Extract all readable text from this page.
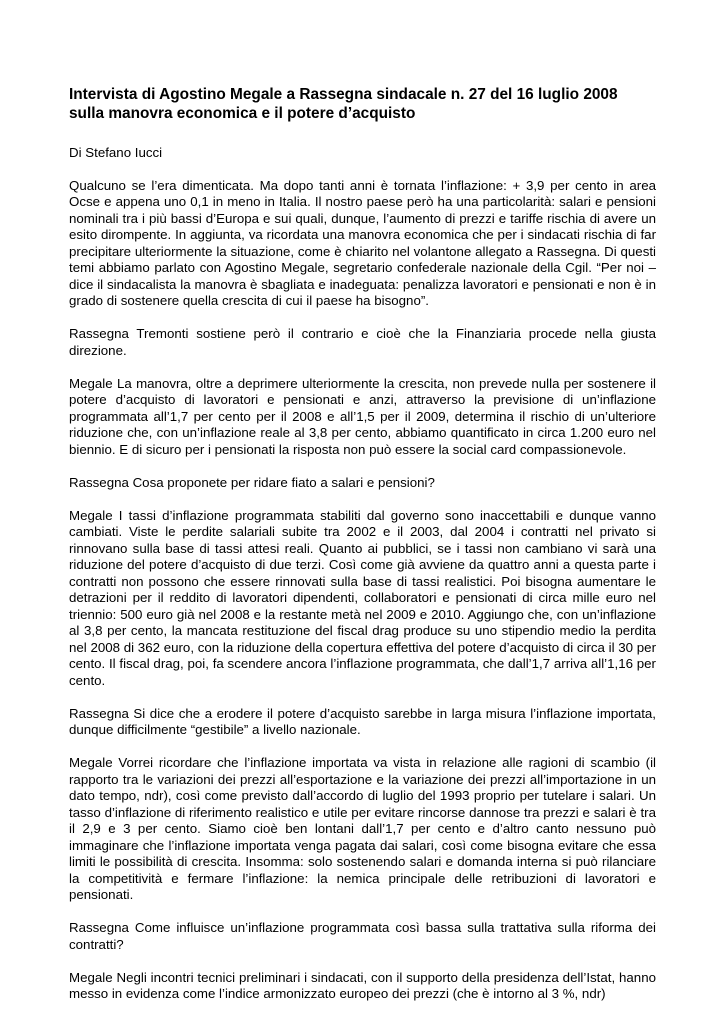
Intervista di Agostino Megale a Rassegna sindacale n. 27 del 16 luglio 2008 sulla manovra economica e il potere d’acquisto

Di Stefano Iucci

Qualcuno se l’era dimenticata. Ma dopo tanti anni è tornata l’inflazione: + 3,9 per cento in area Ocse e appena uno 0,1 in meno in Italia. Il nostro paese però ha una particolarità: salari e pensioni nominali tra i più bassi d’Europa e sui quali, dunque, l’aumento di prezzi e tariffe rischia di avere un esito dirompente. In aggiunta, va ricordata una manovra economica che per i sindacati rischia di far precipitare ulteriormente la situazione, come è chiarito nel volantone allegato a Rassegna. Di questi temi abbiamo parlato con Agostino Megale, segretario confederale nazionale della Cgil. “Per noi – dice il sindacalista la manovra è sbagliata e inadeguata: penalizza lavoratori e pensionati e non è in grado di sostenere quella crescita di cui il paese ha bisogno”.

Rassegna Tremonti sostiene però il contrario e cioè che la Finanziaria procede nella giusta direzione.

Megale La manovra, oltre a deprimere ulteriormente la crescita, non prevede nulla per sostenere il potere d’acquisto di lavoratori e pensionati e anzi, attraverso la previsione di un’inflazione programmata all’1,7 per cento per il 2008 e all’1,5 per il 2009, determina il rischio di un’ulteriore riduzione che, con un’inflazione reale al 3,8 per cento, abbiamo quantificato in circa 1.200 euro nel biennio. E di sicuro per i pensionati la risposta non può essere la social card compassionevole.

Rassegna Cosa proponete per ridare fiato a salari e pensioni?

Megale I tassi d’inflazione programmata stabiliti dal governo sono inaccettabili e dunque vanno cambiati. Viste le perdite salariali subite tra 2002 e il 2003, dal 2004 i contratti nel privato si rinnovano sulla base di tassi attesi reali. Quanto ai pubblici, se i tassi non cambiano vi sarà una riduzione del potere d’acquisto di due terzi. Così come già avviene da quattro anni a questa parte i contratti non possono che essere rinnovati sulla base di tassi realistici. Poi bisogna aumentare le detrazioni per il reddito di lavoratori dipendenti, collaboratori e pensionati di circa mille euro nel triennio: 500 euro già nel 2008 e la restante metà nel 2009 e 2010. Aggiungo che, con un’inflazione al 3,8 per cento, la mancata restituzione del fiscal drag produce su uno stipendio medio la perdita nel 2008 di 362 euro, con la riduzione della copertura effettiva del potere d’acquisto di circa il 30 per cento. Il fiscal drag, poi, fa scendere ancora l’inflazione programmata, che dall’1,7 arriva all’1,16 per cento.

Rassegna Si dice che a erodere il potere d’acquisto sarebbe in larga misura l’inflazione importata, dunque difficilmente “gestibile” a livello nazionale.

Megale Vorrei ricordare che l’inflazione importata va vista in relazione alle ragioni di scambio (il rapporto tra le variazioni dei prezzi all’esportazione e la variazione dei prezzi all’importazione in un dato tempo, ndr), così come previsto dall’accordo di luglio del 1993 proprio per tutelare i salari. Un tasso d’inflazione di riferimento realistico e utile per evitare rincorse dannose tra prezzi e salari è tra il 2,9 e 3 per cento. Siamo cioè ben lontani dall’1,7 per cento e d’altro canto nessuno può immaginare che l’inflazione importata venga pagata dai salari, così come bisogna evitare che essa limiti le possibilità di crescita. Insomma: solo sostenendo salari e domanda interna si può rilanciare la competitività e fermare l’inflazione: la nemica principale delle retribuzioni di lavoratori e pensionati.

Rassegna Come influisce un’inflazione programmata così bassa sulla trattativa sulla riforma dei contratti?

Megale Negli incontri tecnici preliminari i sindacati, con il supporto della presidenza dell’Istat, hanno messo in evidenza come l’indice armonizzato europeo dei prezzi (che è intorno al 3 %, ndr)
